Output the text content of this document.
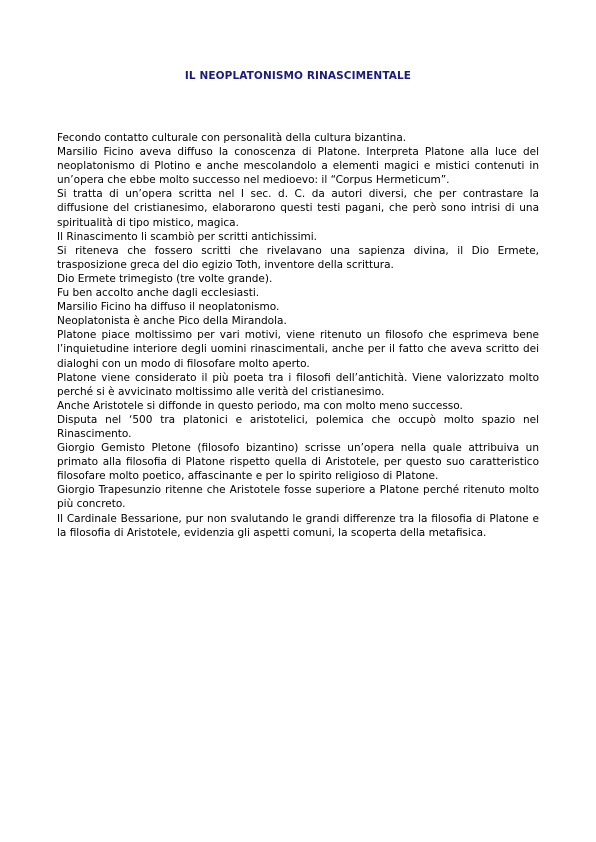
IL NEOPLATONISMO RINASCIMENTALE

Fecondo contatto culturale con personalità della cultura bizantina.

Marsilio Ficino aveva diffuso la conoscenza di Platone. Interpreta Platone alla luce del neoplatonismo di Plotino e anche mescolandolo a elementi magici e mistici contenuti in un’opera che ebbe molto successo nel medioevo: il “Corpus Hermeticum”.

Si tratta di un’opera scritta nel I sec. d. C. da autori diversi, che per contrastare la diffusione del cristianesimo, elaborarono questi testi pagani, che però sono intrisi di una spiritualità di tipo mistico, magica.

Il Rinascimento li scambiò per scritti antichissimi.

Si riteneva che fossero scritti che rivelavano una sapienza divina, il Dio Ermete, trasposizione greca del dio egizio Toth, inventore della scrittura.

Dio Ermete trimegisto (tre volte grande).

Fu ben accolto anche dagli ecclesiasti.

Marsilio Ficino ha diffuso il neoplatonismo.

Neoplatonista è anche Pico della Mirandola.

Platone piace moltissimo per vari motivi, viene ritenuto un filosofo che esprimeva bene l’inquietudine interiore degli uomini rinascimentali, anche per il fatto che aveva scritto dei dialoghi con un modo di filosofare molto aperto.

Platone viene considerato il più poeta tra i filosofi dell’antichità. Viene valorizzato molto perché si è avvicinato moltissimo alle verità del cristianesimo.

Anche Aristotele si diffonde in questo periodo, ma con molto meno successo.

Disputa nel ‘500 tra platonici e aristotelici, polemica che occupò molto spazio nel Rinascimento.

Giorgio Gemisto Pletone (filosofo bizantino) scrisse un’opera nella quale attribuiva un primato alla filosofia di Platone rispetto quella di Aristotele, per questo suo caratteristico filosofare molto poetico, affascinante e per lo spirito religioso di Platone.

Giorgio Trapesunzio ritenne che Aristotele fosse superiore a Platone perché ritenuto molto più concreto.

Il Cardinale Bessarione, pur non svalutando le grandi differenze tra la filosofia di Platone e la filosofia di Aristotele, evidenzia gli aspetti comuni, la scoperta della metafisica.
